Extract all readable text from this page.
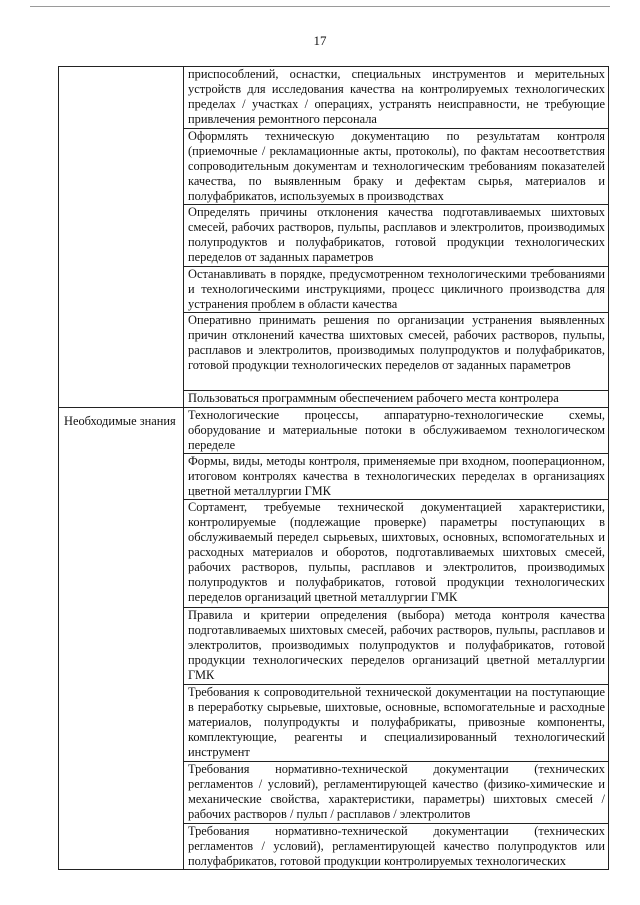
17
	приспособлений, оснастки, специальных инструментов и мерительных устройств для исследования качества на контролируемых технологических пределах / участках / операциях, устранять неисправности, не требующие привлечения ремонтного персонала
	Оформлять техническую документацию по результатам контроля (приемочные / рекламационные акты, протоколы), по фактам несоответствия сопроводительным документам и технологическим требованиям показателей качества, по выявленным браку и дефектам сырья, материалов и полуфабрикатов, используемых в производствах
	Определять причины отклонения качества подготавливаемых шихтовых смесей, рабочих растворов, пульпы, расплавов и электролитов, производимых полупродуктов и полуфабрикатов, готовой продукции технологических переделов от заданных параметров
	Останавливать в порядке, предусмотренном технологическими требованиями и технологическими инструкциями, процесс цикличного производства для устранения проблем в области качества
	Оперативно принимать решения по организации устранения выявленных причин отклонений качества шихтовых смесей, рабочих растворов, пульпы, расплавов и электролитов, производимых полупродуктов и полуфабрикатов, готовой продукции технологических переделов от заданных параметров
	Пользоваться программным обеспечением рабочего места контролера
Необходимые знания	Технологические процессы, аппаратурно-технологические схемы, оборудование и материальные потоки в обслуживаемом технологическом переделе
	Формы, виды, методы контроля, применяемые при входном, пооперационном, итоговом контролях качества в технологических переделах в организациях цветной металлургии ГМК
	Сортамент, требуемые технической документацией характеристики, контролируемые (подлежащие проверке) параметры поступающих в обслуживаемый передел сырьевых, шихтовых, основных, вспомогательных и расходных материалов и оборотов, подготавливаемых шихтовых смесей, рабочих растворов, пульпы, расплавов и электролитов, производимых полупродуктов и полуфабрикатов, готовой продукции технологических переделов организаций цветной металлургии ГМК
	Правила и критерии определения (выбора) метода контроля качества подготавливаемых шихтовых смесей, рабочих растворов, пульпы, расплавов и электролитов, производимых полупродуктов и полуфабрикатов, готовой продукции технологических переделов организаций цветной металлургии ГМК
	Требования к сопроводительной технической документации на поступающие в переработку сырьевые, шихтовые, основные, вспомогательные и расходные материалов, полупродукты и полуфабрикаты, привозные компоненты, комплектующие, реагенты и специализированный технологический инструмент
	Требования нормативно-технической документации (технических регламентов / условий), регламентирующей качество (физико-химические и механические свойства, характеристики, параметры) шихтовых смесей / рабочих растворов / пульп / расплавов / электролитов
	Требования нормативно-технической документации (технических регламентов / условий), регламентирующей качество полупродуктов или полуфабрикатов, готовой продукции контролируемых технологических
